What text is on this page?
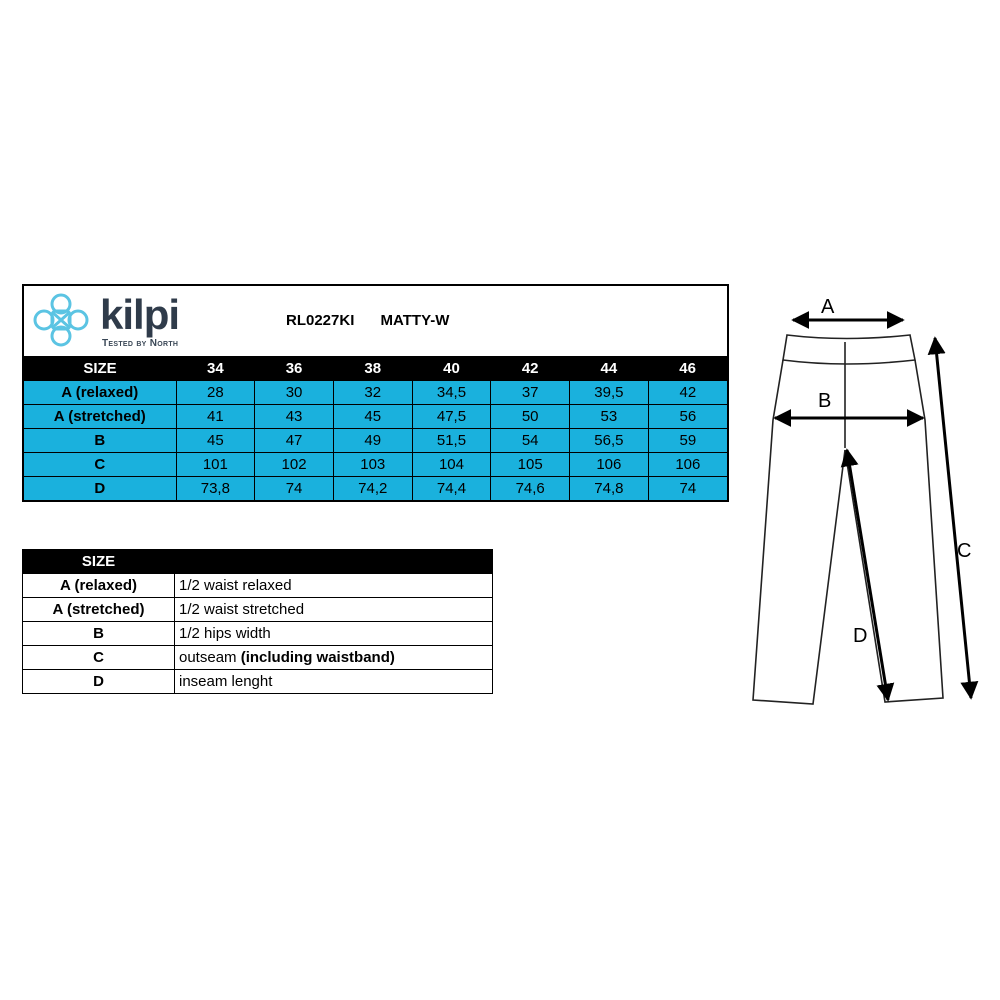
kilpi
Tested by North
RL0227KI MATTY-W
SIZE	34	36	38	40	42	44	46
A (relaxed)	28	30	32	34,5	37	39,5	42
A (stretched)	41	43	45	47,5	50	53	56
B	45	47	49	51,5	54	56,5	59
C	101	102	103	104	105	106	106
D	73,8	74	74,2	74,4	74,6	74,8	74
SIZE	
A (relaxed)	1/2 waist relaxed
A (stretched)	1/2 waist stretched
B	1/2 hips width
C	outseam (including waistband)
D	inseam lenght
A
B
C
D
